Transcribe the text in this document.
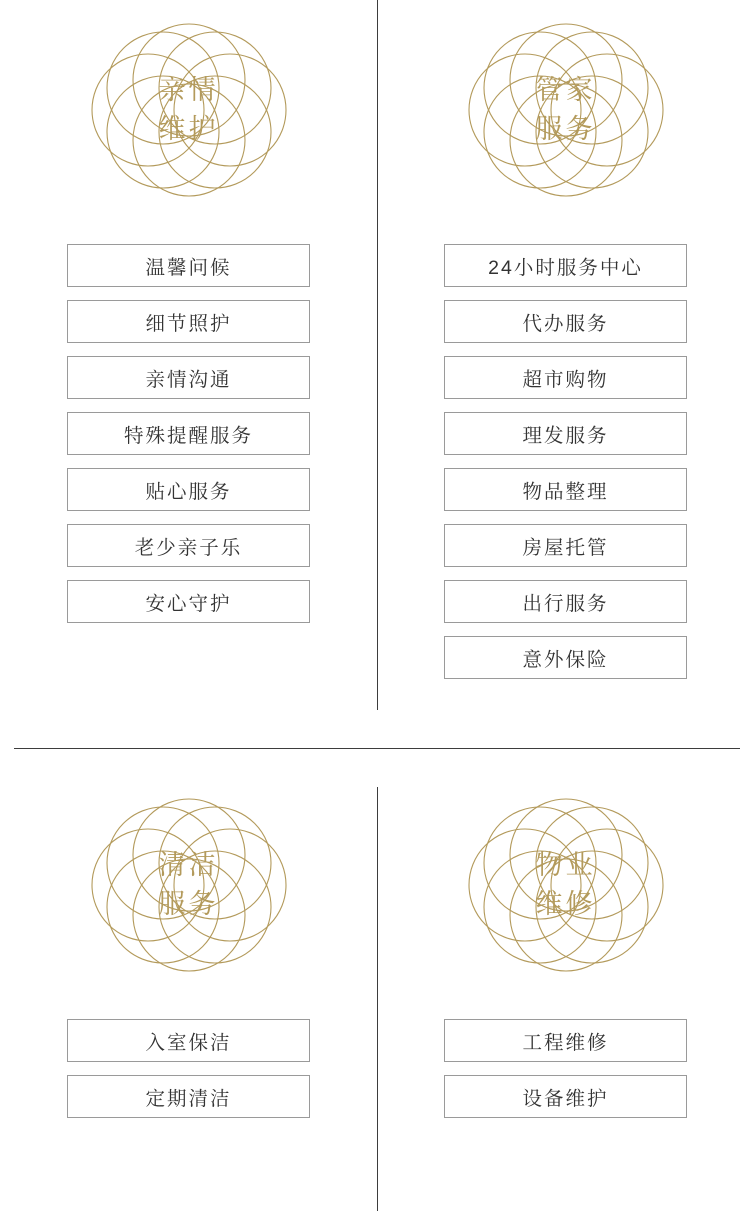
亲情
维护
温馨问候
细节照护
亲情沟通
特殊提醒服务
贴心服务
老少亲子乐
安心守护
管家
服务
24小时服务中心
代办服务
超市购物
理发服务
物品整理
房屋托管
出行服务
意外保险
清洁
服务
入室保洁
定期清洁
物业
维修
工程维修
设备维护
